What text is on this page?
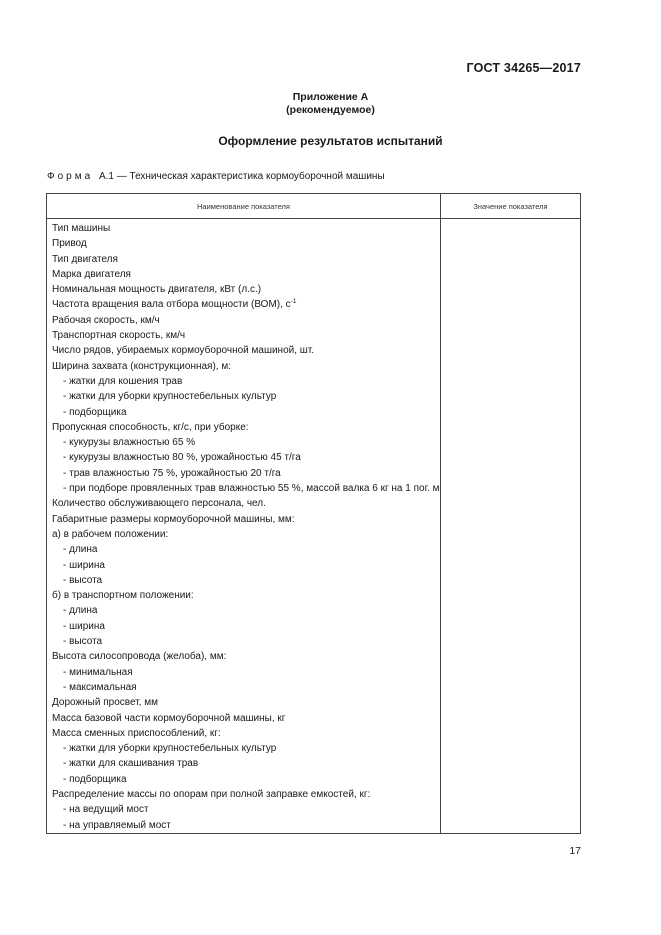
ГОСТ 34265—2017
Приложение А
(рекомендуемое)
Оформление результатов испытаний
Форма А.1 — Техническая характеристика кормоуборочной машины
Наименование показателя	Значение показателя
Тип машины	
Привод	
Тип двигателя	
Марка двигателя	
Номинальная мощность двигателя, кВт (л.с.)	
Частота вращения вала отбора мощности (ВОМ), $с^{-1}$	
Рабочая скорость, км/ч	
Транспортная скорость, км/ч	
Число рядов, убираемых кормоуборочной машиной, шт.	
Ширина захвата (конструкционная), м:	
- жатки для кошения трав	
- жатки для уборки крупностебельных культур	
- подборщика	
Пропускная способность, кг/с, при уборке:	
- кукурузы влажностью 65 %	
- кукурузы влажностью 80 %, урожайностью 45 т/га	
- трав влажностью 75 %, урожайностью 20 т/га	
- при подборе провяленных трав влажностью 55 %, массой валка 6 кг на 1 пог. м	
Количество обслуживающего персонала, чел.	
Габаритные размеры кормоуборочной машины, мм:	
а) в рабочем положении:	
- длина	
- ширина	
- высота	
б) в транспортном положении:	
- длина	
- ширина	
- высота	
Высота силосопровода (желоба), мм:	
- минимальная	
- максимальная	
Дорожный просвет, мм	
Масса базовой части кормоуборочной машины, кг	
Масса сменных приспособлений, кг:	
- жатки для уборки крупностебельных культур	
- жатки для скашивания трав	
- подборщика	
Распределение массы по опорам при полной заправке емкостей, кг:	
- на ведущий мост	
- на управляемый мост	
17
